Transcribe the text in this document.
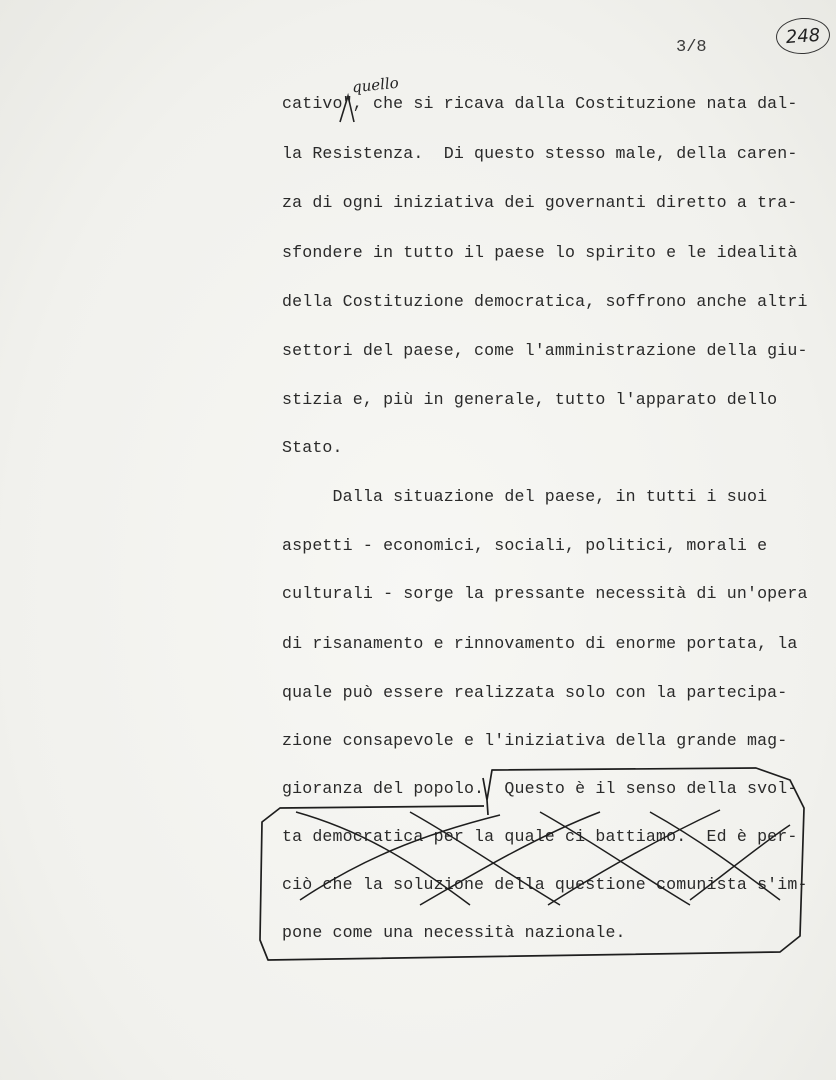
3/8	248
quello
cativo", che si ricava dalla Costituzione nata dal-
la Resistenza.  Di questo stesso male, della caren-
za di ogni iniziativa dei governanti diretto a tra-
sfondere in tutto il paese lo spirito e le idealità
della Costituzione democratica, soffrono anche altri
settori del paese, come l'amministrazione della giu-
stizia e, più in generale, tutto l'apparato dello
Stato.
Dalla situazione del paese, in tutti i suoi
aspetti - economici, sociali, politici, morali e
culturali - sorge la pressante necessità di un'opera
di risanamento e rinnovamento di enorme portata, la
quale può essere realizzata solo con la partecipa-
zione consapevole e l'iniziativa della grande mag-
gioranza del popolo.  Questo è il senso della svol-
ta democratica per la quale ci battiamo.  Ed è per-
ciò che la soluzione della questione comunista s'im-
pone come una necessità nazionale.
